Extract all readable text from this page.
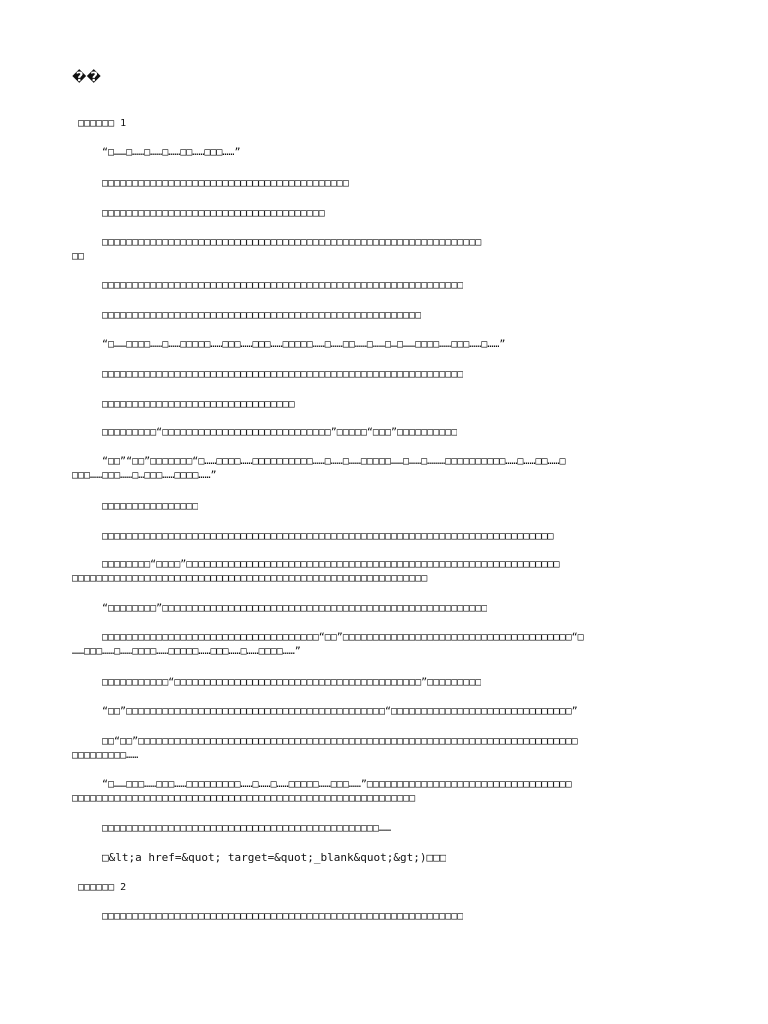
��
□□□□□□ 1
“□……□……□……□……□□……□□□……”
□□□□□□□□□□□□□□□□□□□□□□□□□□□□□□□□□□□□□□□□□
□□□□□□□□□□□□□□□□□□□□□□□□□□□□□□□□□□□□□
□□□□□□□□□□□□□□□□□□□□□□□□□□□□□□□□□□□□□□□□□□□□□□□□□□□□□□□□□□□□□□□
□□
□□□□□□□□□□□□□□□□□□□□□□□□□□□□□□□□□□□□□□□□□□□□□□□□□□□□□□□□□□□□
□□□□□□□□□□□□□□□□□□□□□□□□□□□□□□□□□□□□□□□□□□□□□□□□□□□□□
“□……□□□□……□……□□□□□……□□□……□□□……□□□□□……□……□□……□……□…□……□□□□……□□□……□……”
□□□□□□□□□□□□□□□□□□□□□□□□□□□□□□□□□□□□□□□□□□□□□□□□□□□□□□□□□□□□
□□□□□□□□□□□□□□□□□□□□□□□□□□□□□□□□
□□□□□□□□□“□□□□□□□□□□□□□□□□□□□□□□□□□□□□”□□□□□“□□□”□□□□□□□□□□
“□□”“□□”□□□□□□□“□……□□□□……□□□□□□□□□□……□……□……□□□□□……□……□………□□□□□□□□□□……□……□□……□
□□□……□□□……□…□□□……□□□□……”
□□□□□□□□□□□□□□□□
□□□□□□□□□□□□□□□□□□□□□□□□□□□□□□□□□□□□□□□□□□□□□□□□□□□□□□□□□□□□□□□□□□□□□□□□□□□
□□□□□□□□“□□□□”□□□□□□□□□□□□□□□□□□□□□□□□□□□□□□□□□□□□□□□□□□□□□□□□□□□□□□□□□□□□□□
□□□□□□□□□□□□□□□□□□□□□□□□□□□□□□□□□□□□□□□□□□□□□□□□□□□□□□□□□□□
“□□□□□□□□”□□□□□□□□□□□□□□□□□□□□□□□□□□□□□□□□□□□□□□□□□□□□□□□□□□□□□□
□□□□□□□□□□□□□□□□□□□□□□□□□□□□□□□□□□□□“□□”□□□□□□□□□□□□□□□□□□□□□□□□□□□□□□□□□□□□□□“□
……□□□……□……□□□□……□□□□□……□□□……□……□□□□……”
□□□□□□□□□□□“□□□□□□□□□□□□□□□□□□□□□□□□□□□□□□□□□□□□□□□□□”□□□□□□□□□
“□□”□□□□□□□□□□□□□□□□□□□□□□□□□□□□□□□□□□□□□□□□□□□“□□□□□□□□□□□□□□□□□□□□□□□□□□□□□□”
□□“□□”□□□□□□□□□□□□□□□□□□□□□□□□□□□□□□□□□□□□□□□□□□□□□□□□□□□□□□□□□□□□□□□□□□□□□□□□□
□□□□□□□□□……
“□……□□□……□□□……□□□□□□□□□……□……□……□□□□□……□□□……”□□□□□□□□□□□□□□□□□□□□□□□□□□□□□□□□□□
□□□□□□□□□□□□□□□□□□□□□□□□□□□□□□□□□□□□□□□□□□□□□□□□□□□□□□□□□
□□□□□□□□□□□□□□□□□□□□□□□□□□□□□□□□□□□□□□□□□□□□□□……
□&lt;a href=&quot; target=&quot;_blank&quot;&gt;)□□□
□□□□□□ 2
□□□□□□□□□□□□□□□□□□□□□□□□□□□□□□□□□□□□□□□□□□□□□□□□□□□□□□□□□□□□
